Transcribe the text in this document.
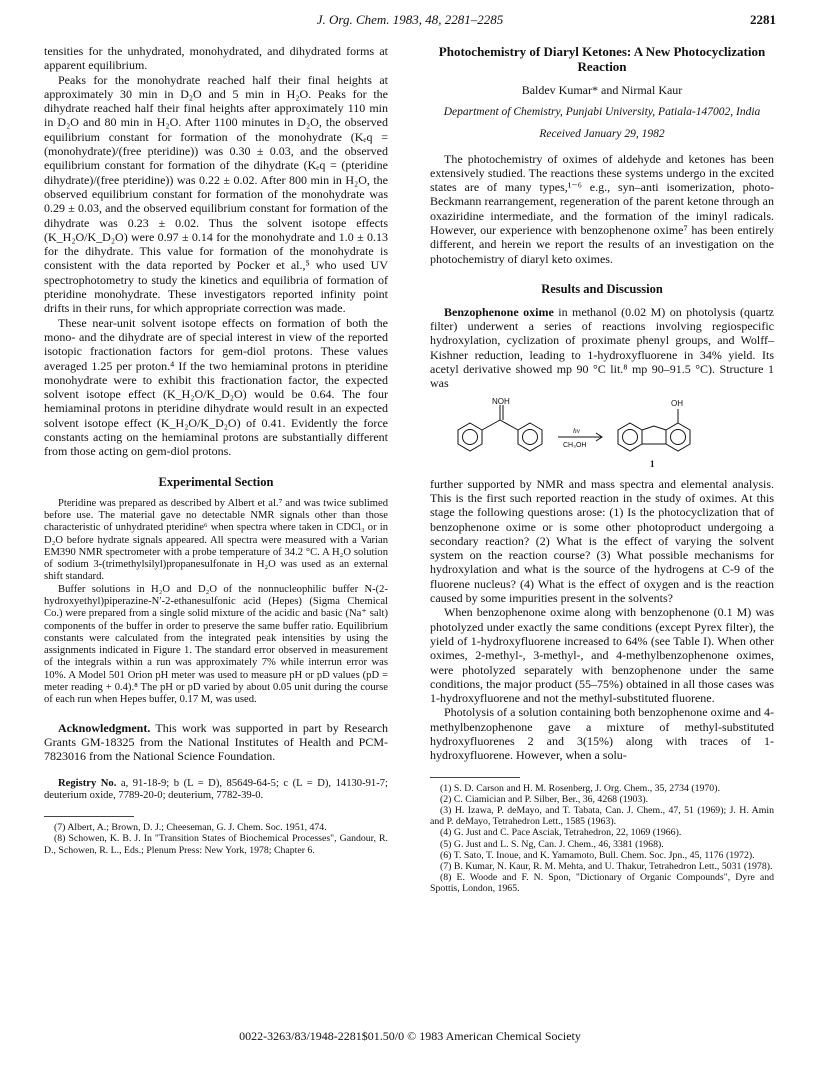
J. Org. Chem. 1983, 48, 2281–2285	2281

tensities for the unhydrated, monohydrated, and dihydrated forms at apparent equilibrium.

Peaks for the monohydrate reached half their final heights at approximately 30 min in D₂O and 5 min in H₂O. Peaks for the dihydrate reached half their final heights after approximately 110 min in D₂O and 80 min in H₂O. After 1100 minutes in D₂O, the observed equilibrium constant for formation of the monohydrate (Kₑq = (monohydrate)/(free pteridine)) was 0.30 ± 0.03, and the observed equilibrium constant for formation of the dihydrate (Kₑq = (pteridine dihydrate)/(free pteridine)) was 0.22 ± 0.02. After 800 min in H₂O, the observed equilibrium constant for formation of the monohydrate was 0.29 ± 0.03, and the observed equilibrium constant for formation of the dihydrate was 0.23 ± 0.02. Thus the solvent isotope effects (K_H₂O/K_D₂O) were 0.97 ± 0.14 for the monohydrate and 1.0 ± 0.13 for the dihydrate. This value for formation of the monohydrate is consistent with the data reported by Pocker et al.,⁵ who used UV spectrophotometry to study the kinetics and equilibria of formation of pteridine monohydrate. These investigators reported infinity point drifts in their runs, for which appropriate correction was made.

These near-unit solvent isotope effects on formation of both the mono- and the dihydrate are of special interest in view of the reported isotopic fractionation factors for gem-diol protons. These values averaged 1.25 per proton.⁴ If the two hemiaminal protons in pteridine monohydrate were to exhibit this fractionation factor, the expected solvent isotope effect (K_H₂O/K_D₂O) would be 0.64. The four hemiaminal protons in pteridine dihydrate would result in an expected solvent isotope effect (K_H₂O/K_D₂O) of 0.41. Evidently the force constants acting on the hemiaminal protons are substantially different from those acting on gem-diol protons.

Experimental Section

Pteridine was prepared as described by Albert et al.⁷ and was twice sublimed before use. The material gave no detectable NMR signals other than those characteristic of unhydrated pteridine⁶ when spectra where taken in CDCl₃ or in D₂O before hydrate signals appeared. All spectra were measured with a Varian EM390 NMR spectrometer with a probe temperature of 34.2 °C. A H₂O solution of sodium 3-(trimethylsilyl)propanesulfonate in H₂O was used as an external shift standard.

Buffer solutions in H₂O and D₂O of the nonnucleophilic buffer N-(2-hydroxyethyl)piperazine-N′-2-ethanesulfonic acid (Hepes) (Sigma Chemical Co.) were prepared from a single solid mixture of the acidic and basic (Na⁺ salt) components of the buffer in order to preserve the same buffer ratio. Equilibrium constants were calculated from the integrated peak intensities by using the assignments indicated in Figure 1. The standard error observed in measurement of the integrals within a run was approximately 7% while interrun error was 10%. A Model 501 Orion pH meter was used to measure pH or pD values (pD = meter reading + 0.4).⁸ The pH or pD varied by about 0.05 unit during the course of each run when Hepes buffer, 0.17 M, was used.

Acknowledgment. This work was supported in part by Research Grants GM-18325 from the National Institutes of Health and PCM-7823016 from the National Science Foundation.

Registry No. a, 91-18-9; b (L = D), 85649-64-5; c (L = D), 14130-91-7; deuterium oxide, 7789-20-0; deuterium, 7782-39-0.

(7) Albert, A.; Brown, D. J.; Cheeseman, G. J. Chem. Soc. 1951, 474.

(8) Schowen, K. B. J. In "Transition States of Biochemical Processes", Gandour, R. D., Schowen, R. L., Eds.; Plenum Press: New York, 1978; Chapter 6.

Photochemistry of Diaryl Ketones: A New Photocyclization Reaction
Baldev Kumar* and Nirmal Kaur
Department of Chemistry, Punjabi University, Patiala-147002, India
Received January 29, 1982

The photochemistry of oximes of aldehyde and ketones has been extensively studied. The reactions these systems undergo in the excited states are of many types,¹⁻⁶ e.g., syn–anti isomerization, photo-Beckmann rearrangement, regeneration of the parent ketone through an oxaziridine intermediate, and the formation of the iminyl radicals. However, our experience with benzophenone oxime⁷ has been entirely different, and herein we report the results of an investigation on the photochemistry of diaryl keto oximes.

Results and Discussion

Benzophenone oxime in methanol (0.02 M) on photolysis (quartz filter) underwent a series of reactions involving regiospecific hydroxylation, cyclization of proximate phenyl groups, and Wolff–Kishner reduction, leading to 1-hydroxyfluorene in 34% yield. Its acetyl derivative showed mp 90 °C lit.⁸ mp 90–91.5 °C). Structure 1 was

NOH	OH
hν
CH₃OH
1

further supported by NMR and mass spectra and elemental analysis. This is the first such reported reaction in the study of oximes. At this stage the following questions arose: (1) Is the photocyclization that of benzophenone oxime or is some other photoproduct undergoing a secondary reaction? (2) What is the effect of varying the solvent system on the reaction course? (3) What possible mechanisms for hydroxylation and what is the source of the hydrogens at C-9 of the fluorene nucleus? (4) What is the effect of oxygen and is the reaction caused by some impurities present in the solvents?

When benzophenone oxime along with benzophenone (0.1 M) was photolyzed under exactly the same conditions (except Pyrex filter), the yield of 1-hydroxyfluorene increased to 64% (see Table I). When other oximes, 2-methyl-, 3-methyl-, and 4-methylbenzophenone oximes, were photolyzed separately with benzophenone under the same conditions, the major product (55–75%) obtained in all those cases was 1-hydroxyfluorene and not the methyl-substituted fluorene.

Photolysis of a solution containing both benzophenone oxime and 4-methylbenzophenone gave a mixture of methyl-substituted hydroxyfluorenes 2 and 3(15%) along with traces of 1-hydroxyfluorene. However, when a solu-

(1) S. D. Carson and H. M. Rosenberg, J. Org. Chem., 35, 2734 (1970).

(2) C. Ciamician and P. Silber, Ber., 36, 4268 (1903).

(3) H. Izawa, P. deMayo, and T. Tabata, Can. J. Chem., 47, 51 (1969); J. H. Amin and P. deMayo, Tetrahedron Lett., 1585 (1963).

(4) G. Just and C. Pace Asciak, Tetrahedron, 22, 1069 (1966).

(5) G. Just and L. S. Ng, Can. J. Chem., 46, 3381 (1968).

(6) T. Sato, T. Inoue, and K. Yamamoto, Bull. Chem. Soc. Jpn., 45, 1176 (1972).

(7) B. Kumar, N. Kaur, R. M. Mehta, and U. Thakur, Tetrahedron Lett., 5031 (1978).

(8) E. Woode and F. N. Spon, "Dictionary of Organic Compounds", Dyre and Spottis, London, 1965.

0022-3263/83/1948-2281$01.50/0 © 1983 American Chemical Society
